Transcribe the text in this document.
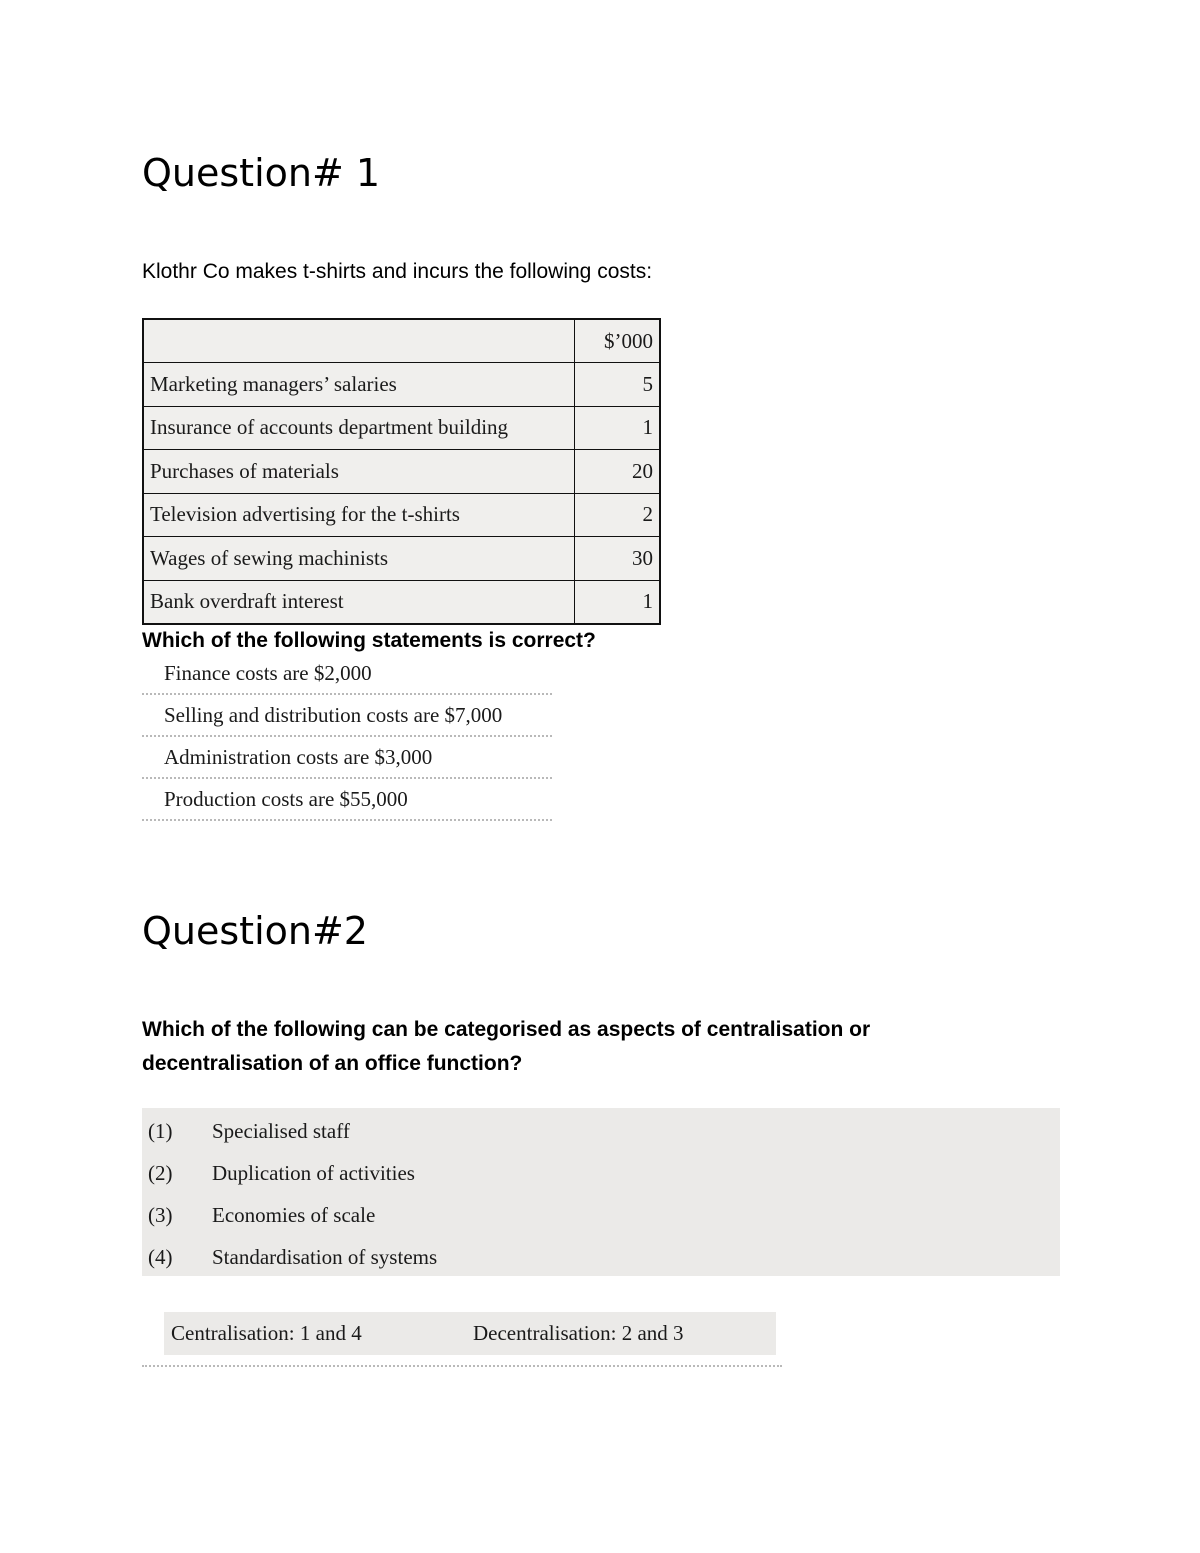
Question# 1

Klothr Co makes t-shirts and incurs the following costs:

	$’000
Marketing managers’ salaries	5
Insurance of accounts department building	1
Purchases of materials	20
Television advertising for the t-shirts	2
Wages of sewing machinists	30
Bank overdraft interest	1

Which of the following statements is correct?

Finance costs are $2,000
Selling and distribution costs are $7,000
Administration costs are $3,000
Production costs are $55,000
Question#2

Which of the following can be categorised as aspects of centralisation or decentralisation of an office function?

(1)	Specialised staff
(2)	Duplication of activities
(3)	Economies of scale
(4)	Standardisation of systems
Centralisation: 1 and 4	Decentralisation: 2 and 3
